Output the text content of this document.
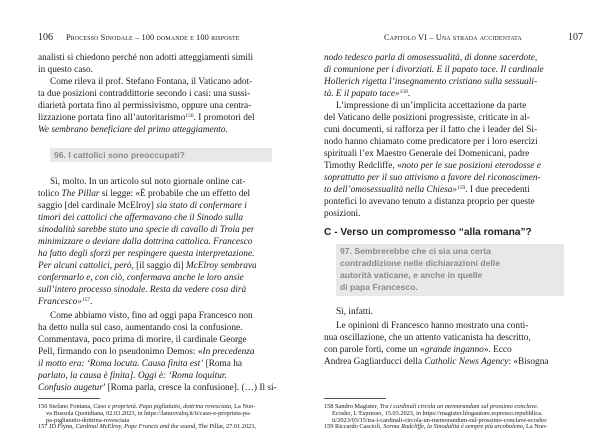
106 Processo Sinodale – 100 domande e 100 risposte
analisti si chiedono perché non adotti atteggiamenti simili
in questo caso.
Come rileva il prof. Stefano Fontana, il Vaticano adot-
ta due posizioni contraddittorie secondo i casi: una sussi-
diarietà portata fino al permissivismo, oppure una centra-
lizzazione portata fino all’autoritarismo$^{156}$. I promotori del
We sembrano beneficiare del primo atteggiamento.
96. I cattolici sono preoccupati?
Sì, molto. In un articolo sul noto giornale online cat-
tolico The Pillar si legge: «È probabile che un effetto del
saggio [del cardinale McElroy] sia stato di confermare i
timori dei cattolici che affermavano che il Sinodo sulla
sinodalità sarebbe stato una specie di cavallo di Troia per
minimizzare o deviare dalla dottrina cattolica. Francesco
ha fatto degli sforzi per respingere questa interpretazione.
Per alcuni cattolici, però, [il saggio di] McElroy sembrava
confermarlo e, con ciò, confermava anche le loro ansie
sull’intero processo sinodale. Resta da vedere cosa dirà
Francesco»$^{157}$.
Come abbiamo visto, fino ad oggi papa Francesco non
ha detto nulla sul caso, aumentando così la confusione.
Commentava, poco prima di morire, il cardinale George
Pell, firmando con lo pseudonimo Demos: «In precedenza
il motto era: ‘Roma locuta. Causa finita est’ [Roma ha
parlato, la causa è finita]. Oggi è: ‘Roma loquitur.
Confusio augetur’ [Roma parla, cresce la confusione]. (…) Il si-
Capitolo VI – Una strada accidentata	107
nodo tedesco parla di omosessualità, di donne sacerdote,
di comunione per i divorziati. E il papato tace. Il cardinale
Hollerich rigetta l’insegnamento cristiano sulla sessuali-
tà. E il papato tace»$^{158}$.
L’impressione di un’implicita accettazione da parte
del Vaticano delle posizioni progressiste, criticate in al-
cuni documenti, si rafforza per il fatto che i leader del Si-
nodo hanno chiamato come predicatore per i loro esercizi
spirituali l’ex Maestro Generale dei Domenicani, padre
Timothy Redcliffe, «noto per le sue posizioni eterodosse e
soprattutto per il suo attivismo a favore del riconoscimen-
to dell’omosessualità nella Chiesa»$^{159}$. I due precedenti
pontefici lo avevano tenuto a distanza proprio per queste
posizioni.
C - Verso un compromesso “alla romana”?
97. Sembrerebbe che ci sia una certa
contraddizione nelle dichiarazioni delle
autorità vaticane, e anche in quelle
di papa Francesco.
Sì, infatti.
Le opinioni di Francesco hanno mostrato una conti-
nua oscillazione, che un attento vaticanista ha descritto,
con parole forti, come un «grande inganno». Ecco
Andrea Gagliarducci della Catholic News Agency: «Bisogna
156 Stefano Fontana, Caso e proprietà. Papa pigliatutto, dottrina rovesciata, La Nuo-
va Bussola Quotidiana, 02.03.2023, in https://lanuovabq.it/it/caso-e-proprieta-pa-
pa-pigliatutto-dottrina-rovesciata
157 JD Flynn, Cardinal McElroy, Pope Francis and the sound, The Pillar, 27.01.2023,
158 Sandro Magister, Tra i cardinali circola un memorandum sul prossimo conclave.
Ecosho, L’Espresso, 15.03.2023, in https://magister.blogautore.espresso.repubblica.
it/2023/03/15/tra-i-cardinali-circola-un-memorandum-sul-prossimo-conclave-ecosho/
159 Riccardo Cascioli, Sorma Radcliffe, la Sinodalità è sempre più arcobaleno, La Nuo-
